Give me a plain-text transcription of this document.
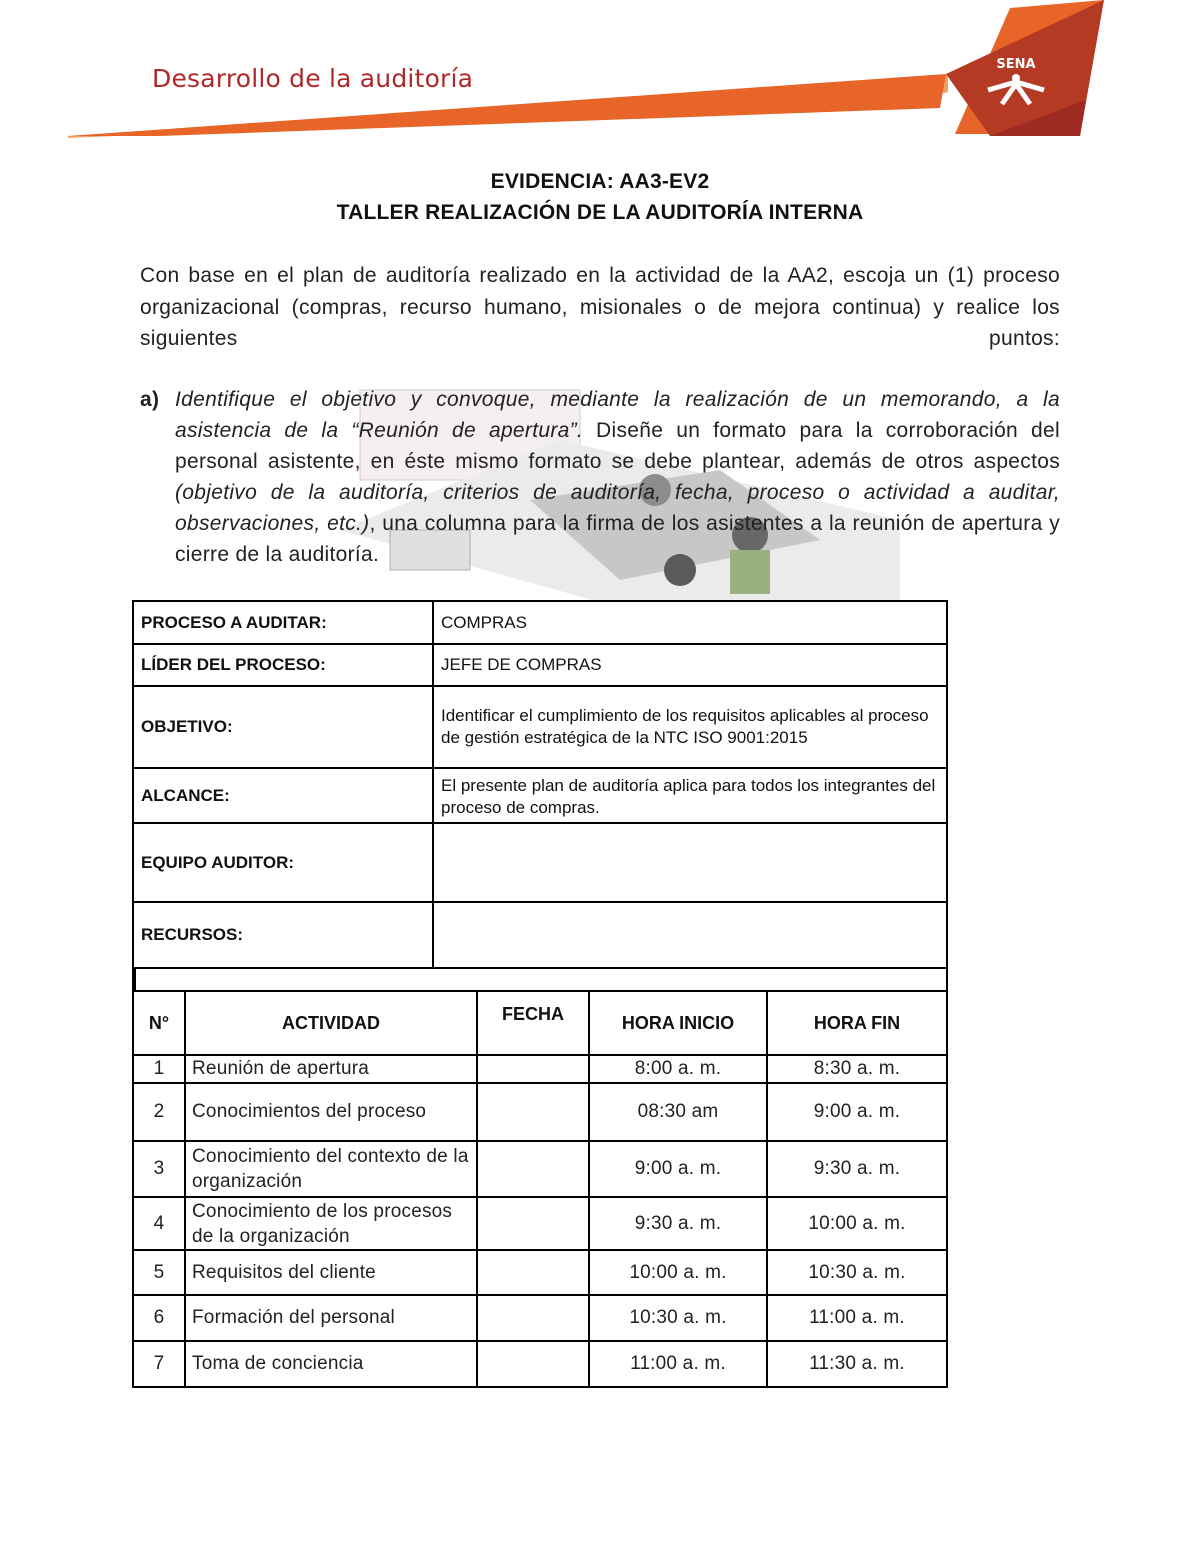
SENA
Desarrollo de la auditoría
EVIDENCIA: AA3-EV2
TALLER REALIZACIÓN DE LA AUDITORÍA INTERNA
Con base en el plan de auditoría realizado en la actividad de la AA2, escoja un (1) proceso organizacional (compras, recurso humano, misionales o de mejora continua) y realice los siguientes puntos:
a) Identifique el objetivo y convoque, mediante la realización de un memorando, a la asistencia de la “Reunión de apertura”. Diseñe un formato para la corroboración del personal asistente, en éste mismo formato se debe plantear, además de otros aspectos (objetivo de la auditoría, criterios de auditoría, fecha, proceso o actividad a auditar, observaciones, etc.), una columna para la firma de los asistentes a la reunión de apertura y cierre de la auditoría.
PROCESO A AUDITAR:	COMPRAS
LÍDER DEL PROCESO:	JEFE DE COMPRAS
OBJETIVO:	Identificar el cumplimiento de los requisitos aplicables al proceso de gestión estratégica de la NTC ISO 9001:2015
ALCANCE:	El presente plan de auditoría aplica para todos los integrantes del proceso de compras.
EQUIPO AUDITOR:	
RECURSOS:	
N°	ACTIVIDAD	FECHA	HORA INICIO	HORA FIN
1	Reunión de apertura		8:00 a. m.	8:30 a. m.
2	Conocimientos del proceso		08:30 am	9:00 a. m.
3	Conocimiento del contexto de la organización		9:00 a. m.	9:30 a. m.
4	Conocimiento de los procesos de la organización		9:30 a. m.	10:00 a. m.
5	Requisitos del cliente		10:00 a. m.	10:30 a. m.
6	Formación del personal		10:30 a. m.	11:00 a. m.
7	Toma de conciencia		11:00 a. m.	11:30 a. m.
